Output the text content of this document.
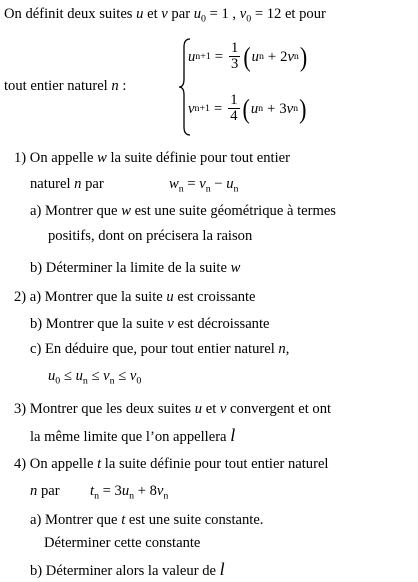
On définit deux suites u et v par $u_0 = 1$ , $v_0 = 12$ et pour
tout entier naturel n :
u $n+1 = \frac{1}{3}$ ( u n + 2 v n )
v $n+1 = \frac{1}{4}$ ( u n + 3 v n )
1) On appelle w la suite définie pour tout entier
naturel n par	$w_n = v_n - u_n$
a) Montrer que w est une suite géométrique à termes
positifs, dont on précisera la raison
b) Déterminer la limite de la suite w
2) a) Montrer que la suite u est croissante
b) Montrer que la suite v est décroissante
c) En déduire que, pour tout entier naturel n,
$u_0 \le u_n \le v_n \le v_0$
3) Montrer que les deux suites u et v convergent et ont
la même limite que l’on appellera l
4) On appelle t la suite définie pour tout entier naturel
n par $t_n = 3u_n + 8v_n$
a) Montrer que t est une suite constante.
Déterminer cette constante
b) Déterminer alors la valeur de l
